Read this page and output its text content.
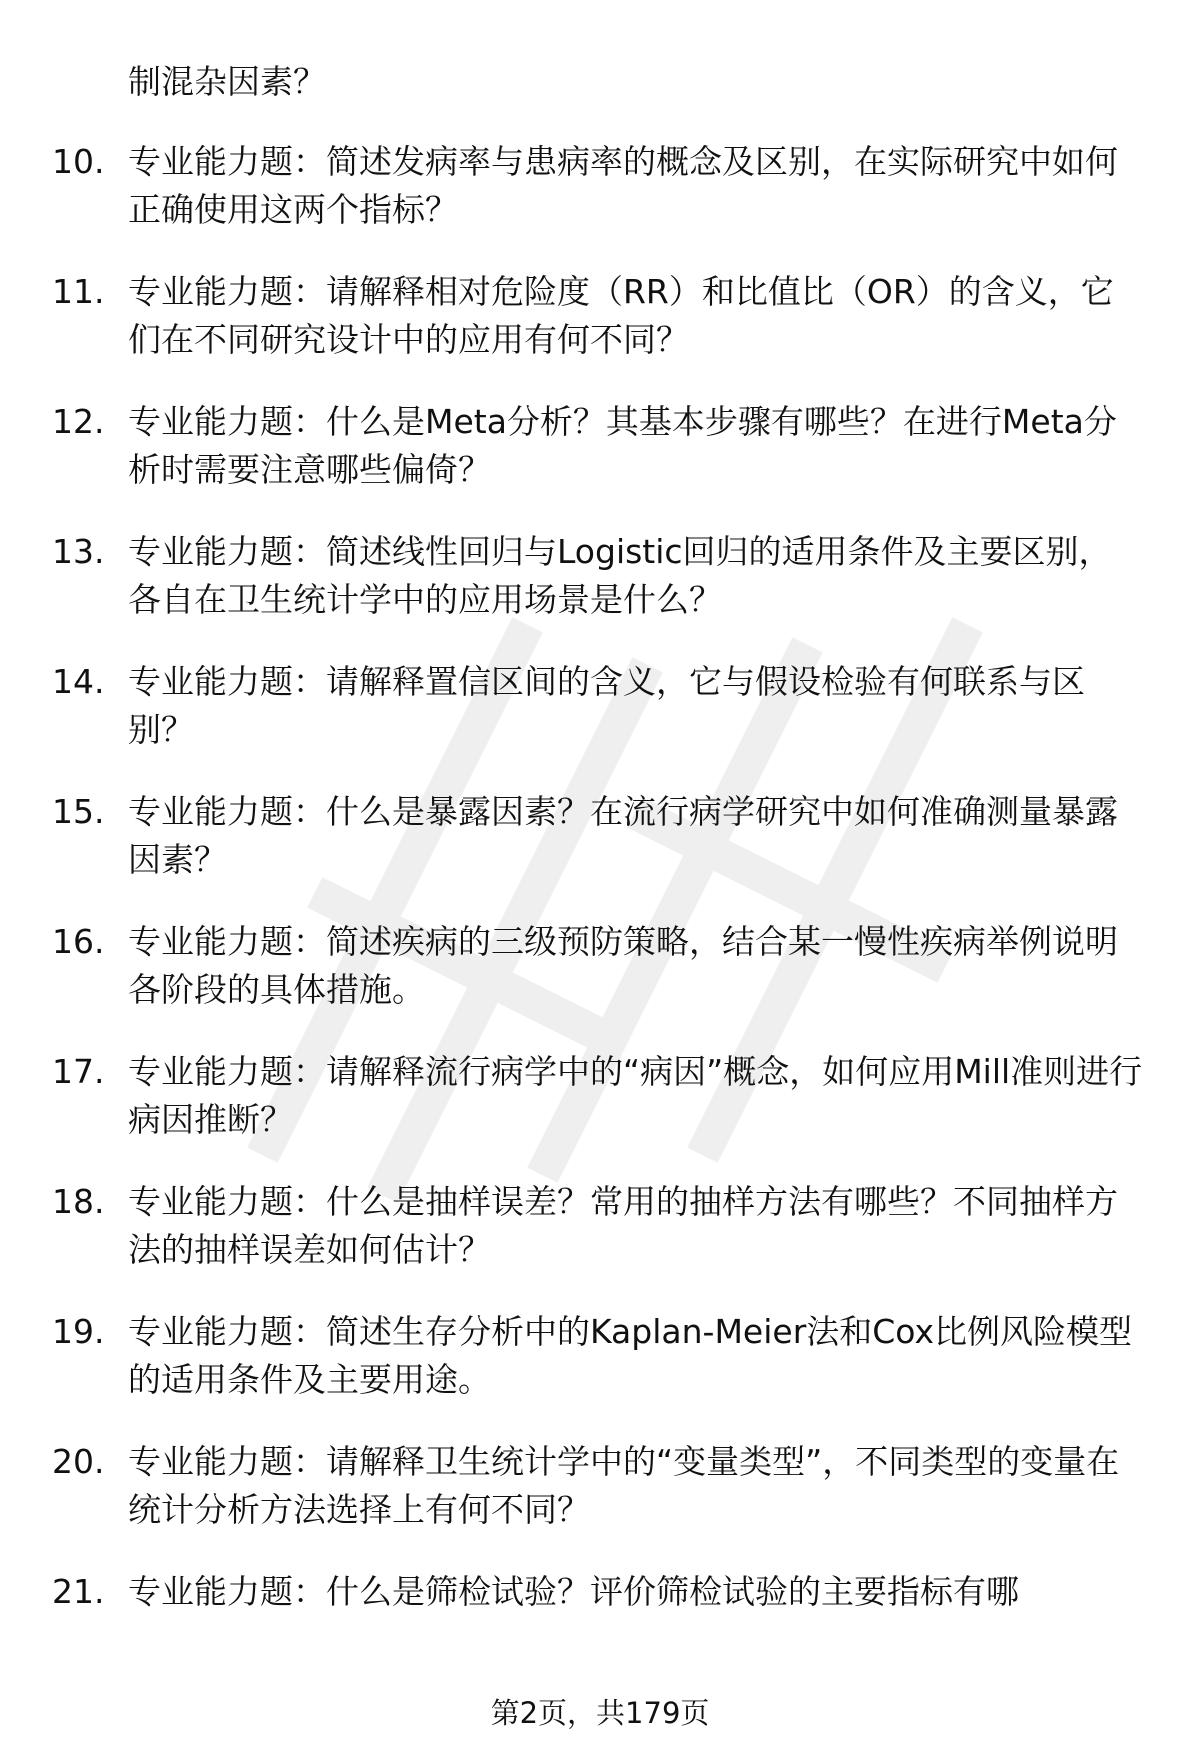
制混杂因素？

10. 专业能力题：简述发病率与患病率的概念及区别，在实际研究中如何正确使用这两个指标？

11. 专业能力题：请解释相对危险度（RR）和比值比（OR）的含义，它们在不同研究设计中的应用有何不同？

12. 专业能力题：什么是Meta分析？其基本步骤有哪些？在进行Meta分析时需要注意哪些偏倚？

13. 专业能力题：简述线性回归与Logistic回归的适用条件及主要区别，各自在卫生统计学中的应用场景是什么？

14. 专业能力题：请解释置信区间的含义，它与假设检验有何联系与区别？

15. 专业能力题：什么是暴露因素？在流行病学研究中如何准确测量暴露因素？

16. 专业能力题：简述疾病的三级预防策略，结合某一慢性疾病举例说明各阶段的具体措施。

17. 专业能力题：请解释流行病学中的“病因”概念，如何应用Mill准则进行病因推断？

18. 专业能力题：什么是抽样误差？常用的抽样方法有哪些？不同抽样方法的抽样误差如何估计？

19. 专业能力题：简述生存分析中的Kaplan-Meier法和Cox比例风险模型的适用条件及主要用途。

20. 专业能力题：请解释卫生统计学中的“变量类型”，不同类型的变量在统计分析方法选择上有何不同？

21. 专业能力题：什么是筛检试验？评价筛检试验的主要指标有哪

第2页，共179页
